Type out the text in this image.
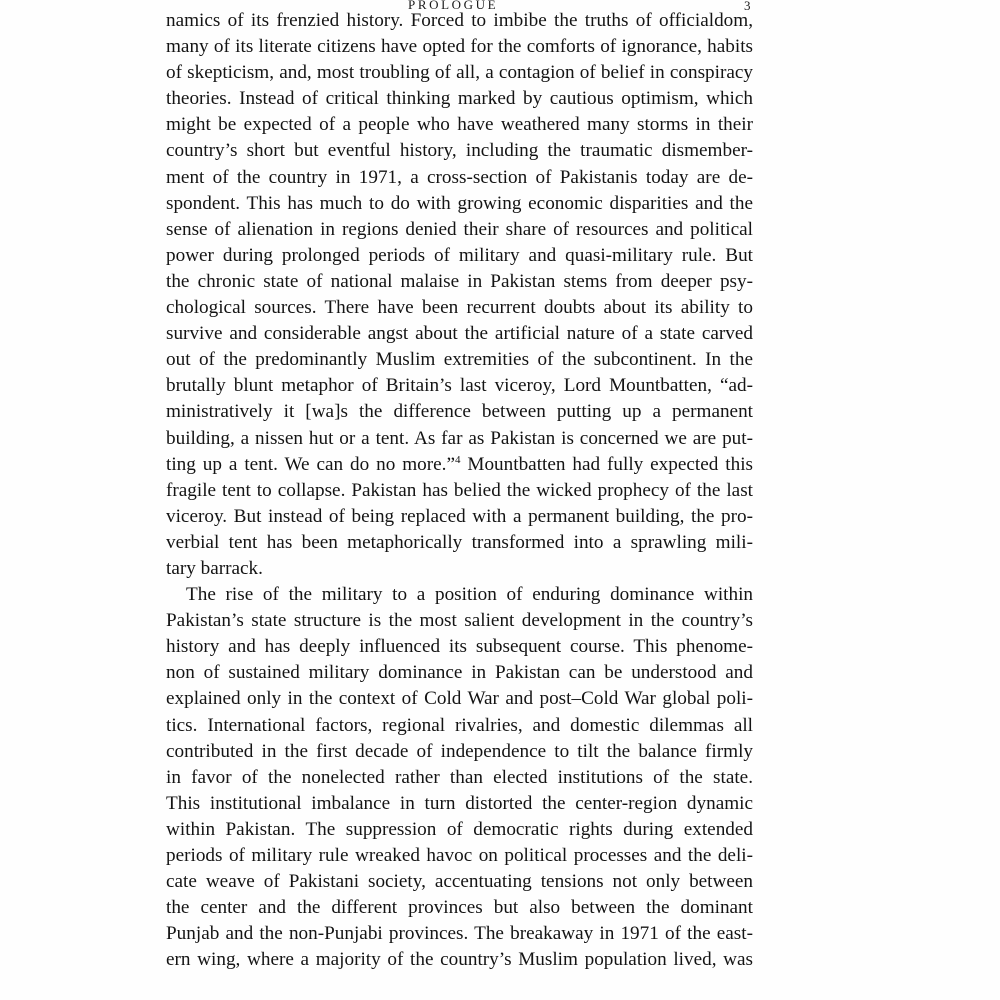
PROLOGUE	3
namics of its frenzied history. Forced to imbibe the truths of officialdom,
many of its literate citizens have opted for the comforts of ignorance, habits
of skepticism, and, most troubling of all, a contagion of belief in conspiracy
theories. Instead of critical thinking marked by cautious optimism, which
might be expected of a people who have weathered many storms in their
country’s short but eventful history, including the traumatic dismember-
ment of the country in 1971, a cross-section of Pakistanis today are de-
spondent. This has much to do with growing economic disparities and the
sense of alienation in regions denied their share of resources and political
power during prolonged periods of military and quasi-military rule. But
the chronic state of national malaise in Pakistan stems from deeper psy-
chological sources. There have been recurrent doubts about its ability to
survive and considerable angst about the artificial nature of a state carved
out of the predominantly Muslim extremities of the subcontinent. In the
brutally blunt metaphor of Britain’s last viceroy, Lord Mountbatten, “ad-
ministratively it [wa]s the difference between putting up a permanent
building, a nissen hut or a tent. As far as Pakistan is concerned we are put-
ting up a tent. We can do no more.”$^4$ Mountbatten had fully expected this
fragile tent to collapse. Pakistan has belied the wicked prophecy of the last
viceroy. But instead of being replaced with a permanent building, the pro-
verbial tent has been metaphorically transformed into a sprawling mili-
tary barrack.
The rise of the military to a position of enduring dominance within
Pakistan’s state structure is the most salient development in the country’s
history and has deeply influenced its subsequent course. This phenome-
non of sustained military dominance in Pakistan can be understood and
explained only in the context of Cold War and post–Cold War global poli-
tics. International factors, regional rivalries, and domestic dilemmas all
contributed in the first decade of independence to tilt the balance firmly
in favor of the nonelected rather than elected institutions of the state.
This institutional imbalance in turn distorted the center-region dynamic
within Pakistan. The suppression of democratic rights during extended
periods of military rule wreaked havoc on political processes and the deli-
cate weave of Pakistani society, accentuating tensions not only between
the center and the different provinces but also between the dominant
Punjab and the non-Punjabi provinces. The breakaway in 1971 of the east-
ern wing, where a majority of the country’s Muslim population lived, was
